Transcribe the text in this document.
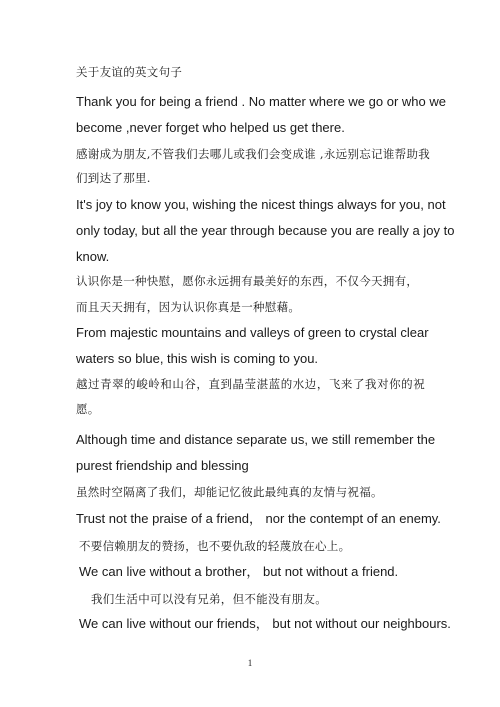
关于友谊的英文句子
Thank you for being a friend . No matter where we go or who we
become ,never forget who helped us get there.
感谢成为朋友,不管我们去哪儿或我们会变成谁 ,永远别忘记谁帮助我
们到达了那里.
It's joy to know you, wishing the nicest things always for you, not
only today, but all the year through because you are really a joy to
know.
认识你是一种快慰，愿你永远拥有最美好的东西，不仅今天拥有，
而且天天拥有，因为认识你真是一种慰藉。
From majestic mountains and valleys of green to crystal clear
waters so blue, this wish is coming to you.
越过青翠的峻岭和山谷，直到晶莹湛蓝的水边，飞来了我对你的祝
愿。
Although time and distance separate us, we still remember the
purest friendship and blessing
虽然时空隔离了我们，却能记忆彼此最纯真的友情与祝福。
Trust not the praise of a friend， nor the contempt of an enemy.
不要信赖朋友的赞扬，也不要仇敌的轻蔑放在心上。
We can live without a brother， but not without a friend.
我们生活中可以没有兄弟，但不能没有朋友。
We can live without our friends， but not without our neighbours.
1
